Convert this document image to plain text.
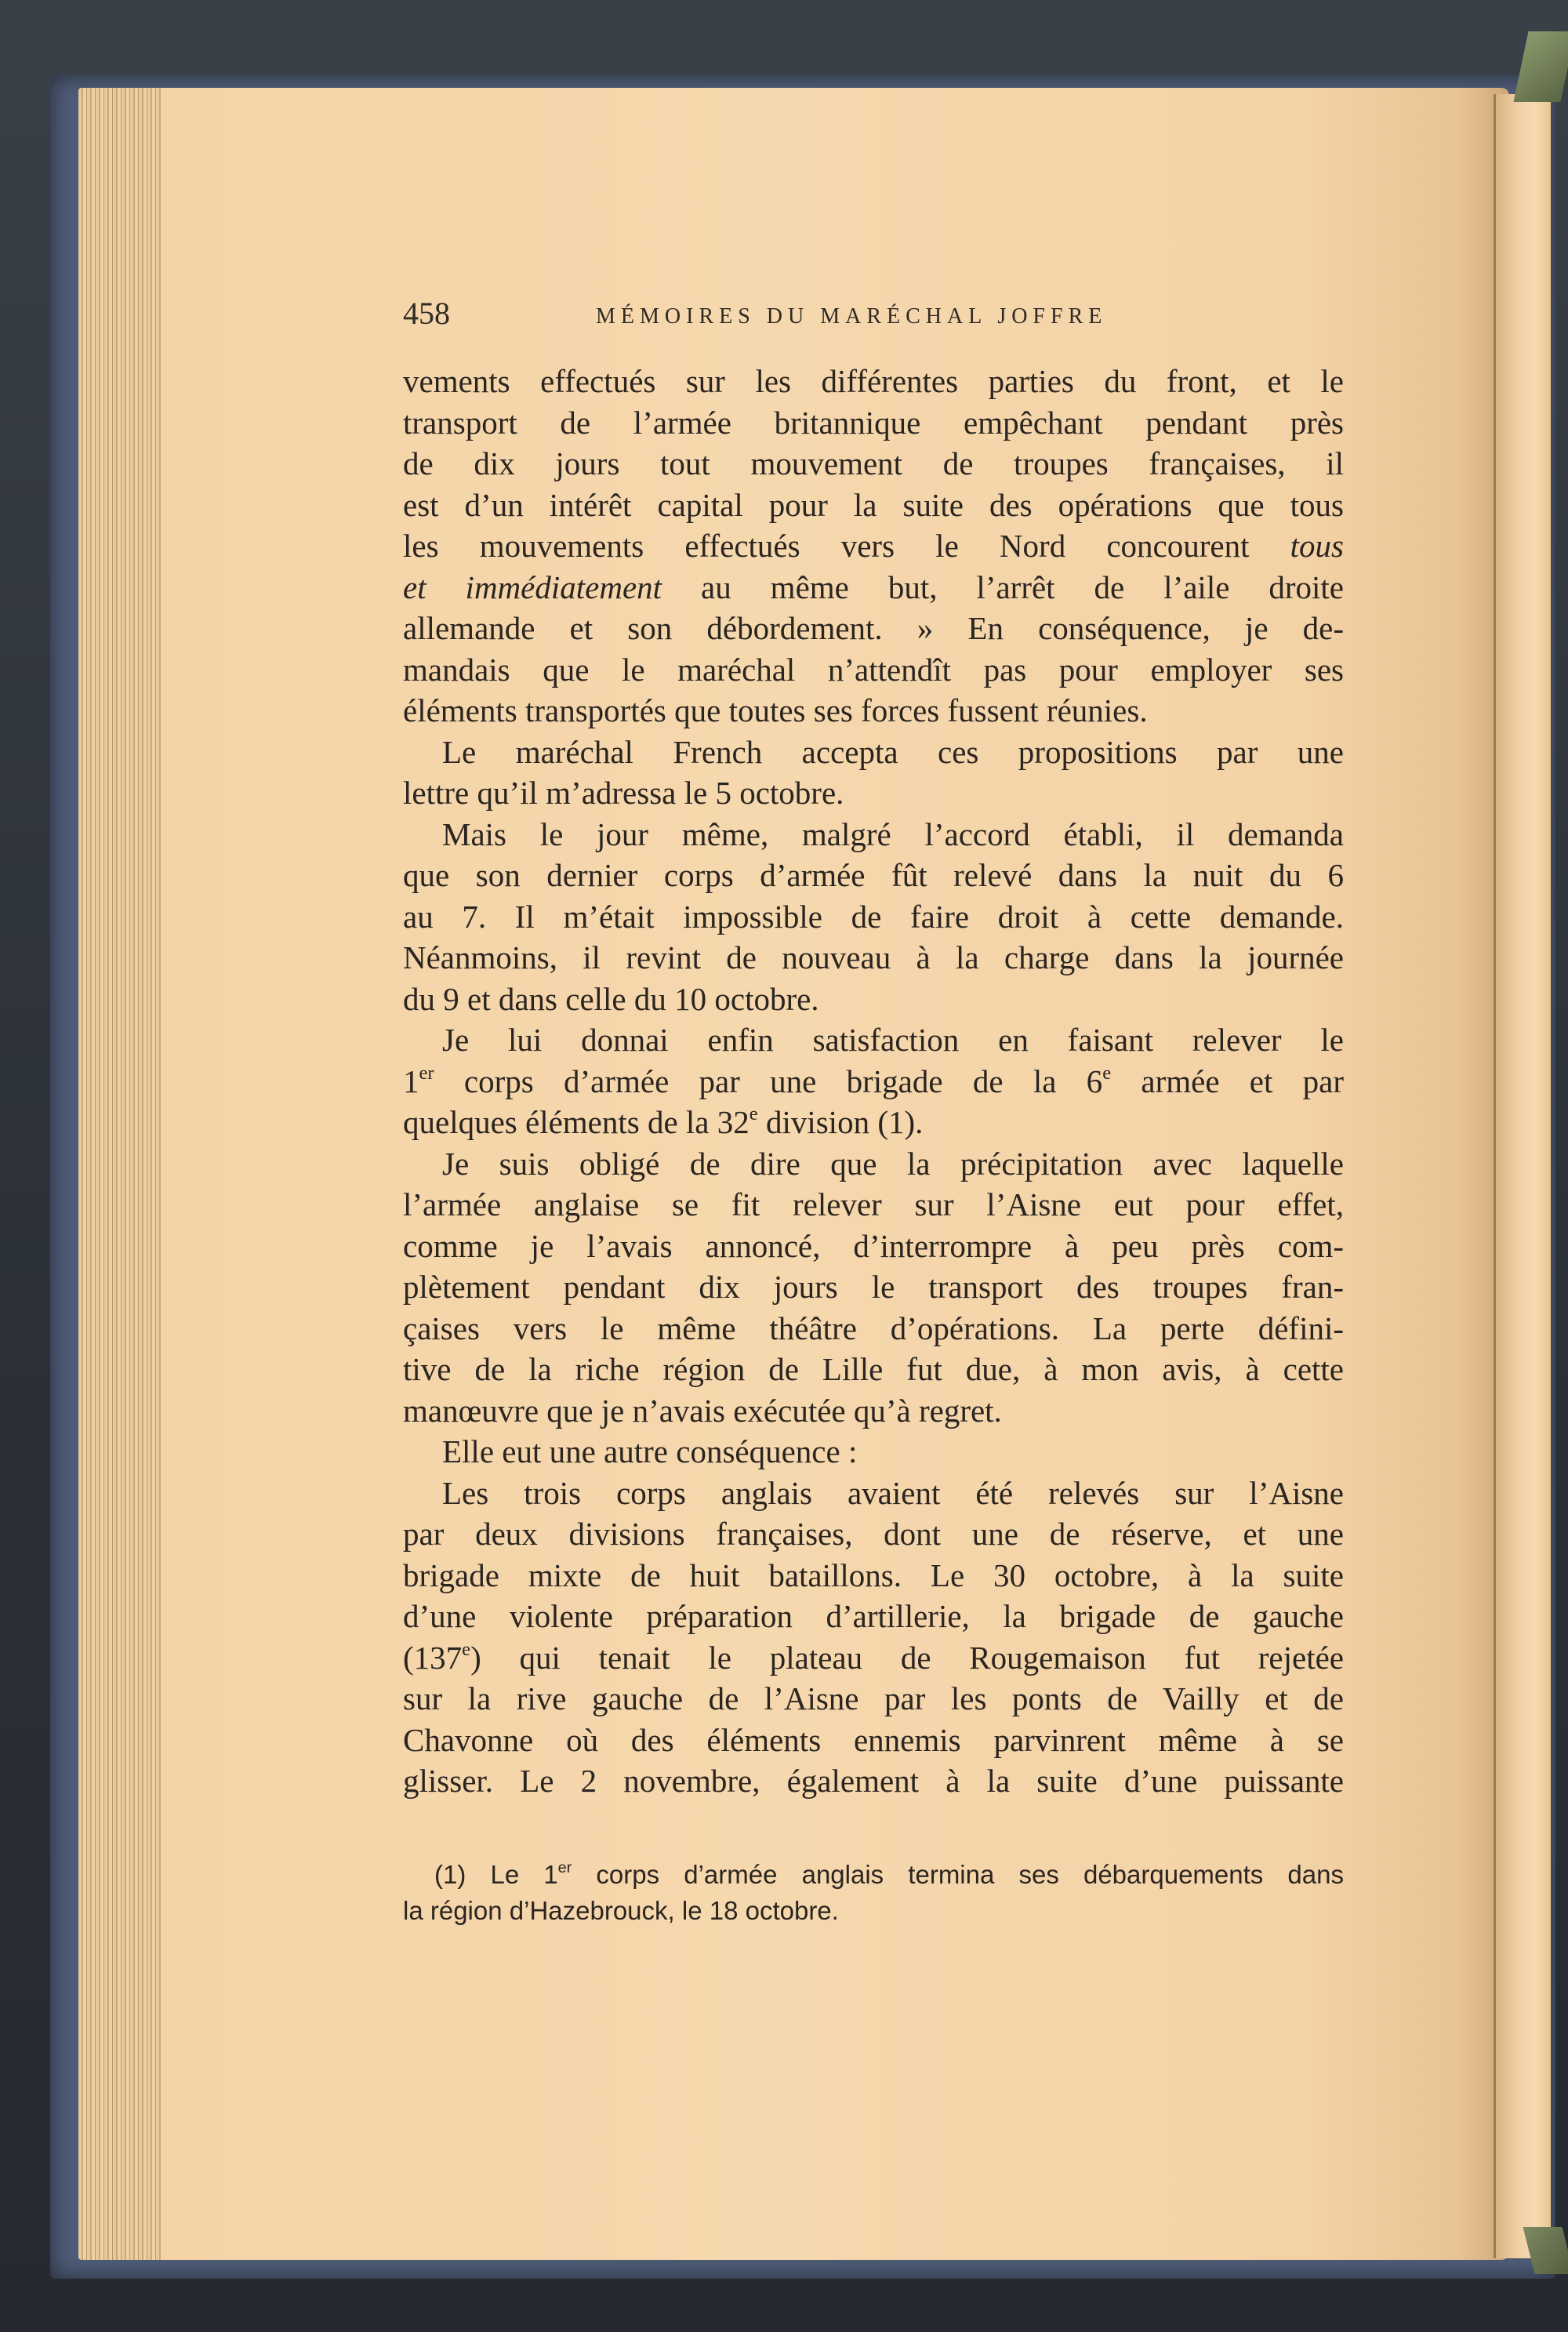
458	MÉMOIRES DU MARÉCHAL JOFFRE
vements effectués sur les différentes parties du front, et le
transport de l’armée britannique empêchant pendant près
de dix jours tout mouvement de troupes françaises, il
est d’un intérêt capital pour la suite des opérations que tous
les mouvements effectués vers le Nord concourent tous
et immédiatement au même but, l’arrêt de l’aile droite
allemande et son débordement. » En conséquence, je de-
mandais que le maréchal n’attendît pas pour employer ses
éléments transportés que toutes ses forces fussent réunies.
Le maréchal French accepta ces propositions par une
lettre qu’il m’adressa le 5 octobre.
Mais le jour même, malgré l’accord établi, il demanda
que son dernier corps d’armée fût relevé dans la nuit du 6
au 7. Il m’était impossible de faire droit à cette demande.
Néanmoins, il revint de nouveau à la charge dans la journée
du 9 et dans celle du 10 octobre.
Je lui donnai enfin satisfaction en faisant relever le
1er corps d’armée par une brigade de la 6e armée et par
quelques éléments de la 32e division (1).
Je suis obligé de dire que la précipitation avec laquelle
l’armée anglaise se fit relever sur l’Aisne eut pour effet,
comme je l’avais annoncé, d’interrompre à peu près com-
plètement pendant dix jours le transport des troupes fran-
çaises vers le même théâtre d’opérations. La perte défini-
tive de la riche région de Lille fut due, à mon avis, à cette
manœuvre que je n’avais exécutée qu’à regret.
Elle eut une autre conséquence :
Les trois corps anglais avaient été relevés sur l’Aisne
par deux divisions françaises, dont une de réserve, et une
brigade mixte de huit bataillons. Le 30 octobre, à la suite
d’une violente préparation d’artillerie, la brigade de gauche
(137e) qui tenait le plateau de Rougemaison fut rejetée
sur la rive gauche de l’Aisne par les ponts de Vailly et de
Chavonne où des éléments ennemis parvinrent même à se
glisser. Le 2 novembre, également à la suite d’une puissante
(1) Le 1er corps d’armée anglais termina ses débarquements dans
la région d’Hazebrouck, le 18 octobre.
